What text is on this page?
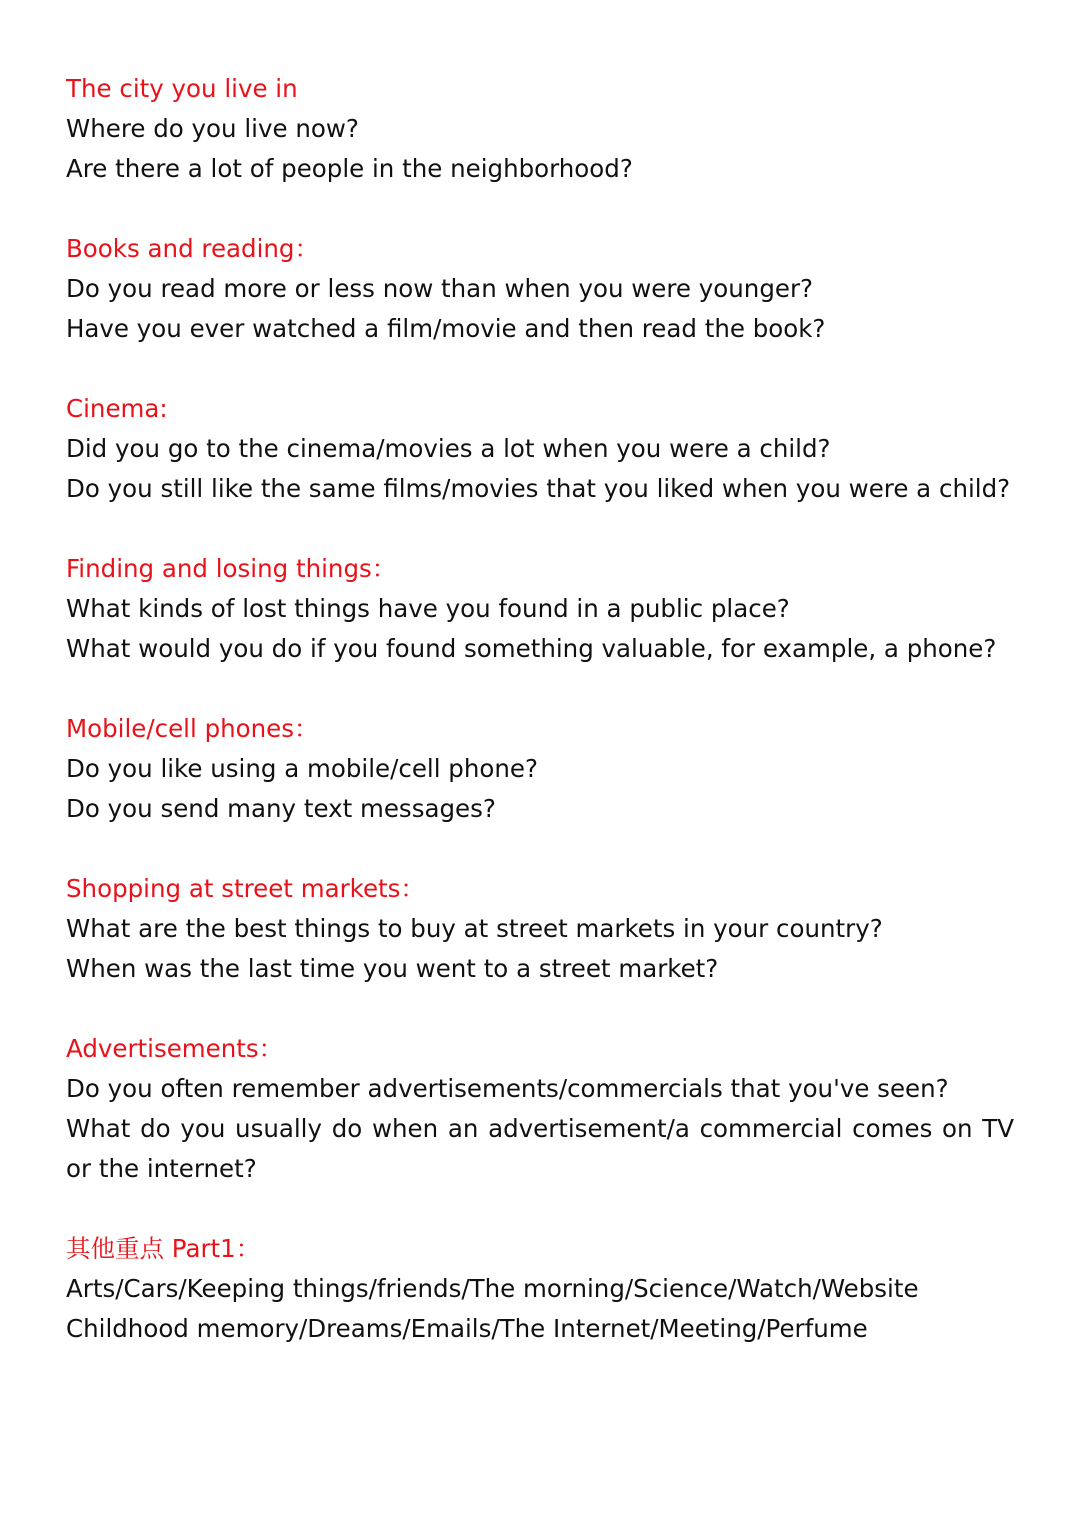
The city you live in

Where do you live now?

Are there a lot of people in the neighborhood?

Books and reading：

Do you read more or less now than when you were younger?

Have you ever watched a film/movie and then read the book?

Cinema:

Did you go to the cinema/movies a lot when you were a child?

Do you still like the same films/movies that you liked when you were a child?

Finding and losing things：

What kinds of lost things have you found in a public place?

What would you do if you found something valuable, for example, a phone?

Mobile/cell phones：

Do you like using a mobile/cell phone?

Do you send many text messages?

Shopping at street markets：

What are the best things to buy at street markets in your country?

When was the last time you went to a street market?

Advertisements：

Do you often remember advertisements/commercials that you've seen?

What do you usually do when an advertisement/a commercial comes on TV or the internet?

其他重点 Part1：

Arts/Cars/Keeping things/friends/The morning/Science/Watch/Website

Childhood memory/Dreams/Emails/The Internet/Meeting/Perfume
